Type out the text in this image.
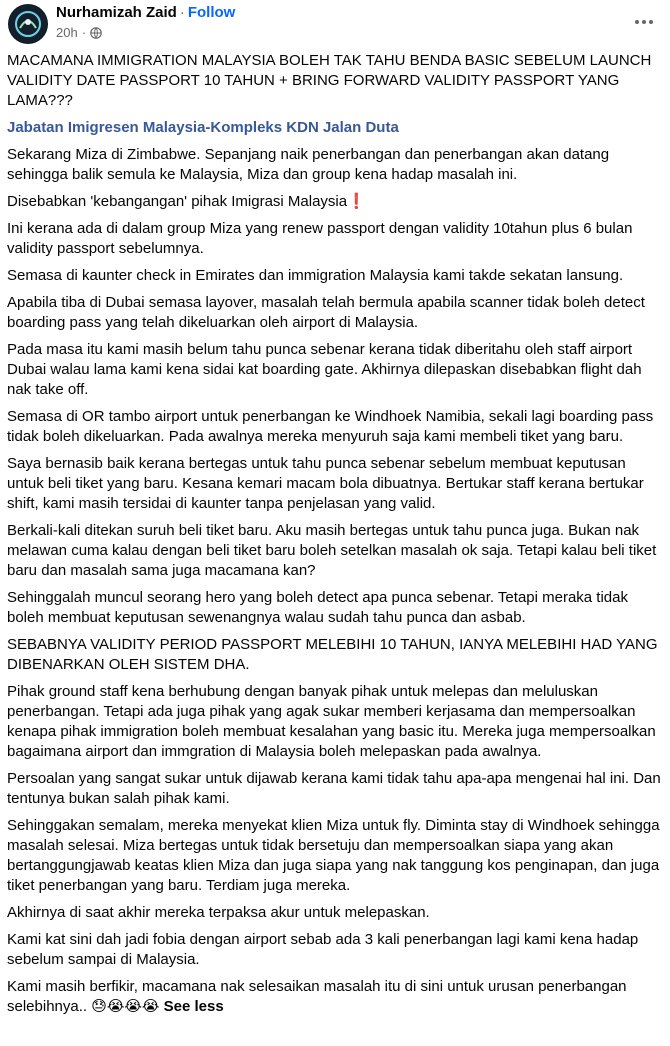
Nurhamizah Zaid · Follow
20h ·

MACAMANA IMMIGRATION MALAYSIA BOLEH TAK TAHU BENDA BASIC SEBELUM LAUNCH VALIDITY DATE PASSPORT 10 TAHUN + BRING FORWARD VALIDITY PASSPORT YANG LAMA???

Jabatan Imigresen Malaysia-Kompleks KDN Jalan Duta

Sekarang Miza di Zimbabwe. Sepanjang naik penerbangan dan penerbangan akan datang sehingga balik semula ke Malaysia, Miza dan group kena hadap masalah ini.

Disebabkan 'kebangangan' pihak Imigrasi Malaysia❗

Ini kerana ada di dalam group Miza yang renew passport dengan validity 10tahun plus 6 bulan validity passport sebelumnya.

Semasa di kaunter check in Emirates dan immigration Malaysia kami takde sekatan lansung.

Apabila tiba di Dubai semasa layover, masalah telah bermula apabila scanner tidak boleh detect boarding pass yang telah dikeluarkan oleh airport di Malaysia.

Pada masa itu kami masih belum tahu punca sebenar kerana tidak diberitahu oleh staff airport Dubai walau lama kami kena sidai kat boarding gate. Akhirnya dilepaskan disebabkan flight dah nak take off.

Semasa di OR tambo airport untuk penerbangan ke Windhoek Namibia, sekali lagi boarding pass tidak boleh dikeluarkan. Pada awalnya mereka menyuruh saja kami membeli tiket yang baru.

Saya bernasib baik kerana bertegas untuk tahu punca sebenar sebelum membuat keputusan untuk beli tiket yang baru. Kesana kemari macam bola dibuatnya. Bertukar staff kerana bertukar shift, kami masih tersidai di kaunter tanpa penjelasan yang valid.

Berkali-kali ditekan suruh beli tiket baru. Aku masih bertegas untuk tahu punca juga. Bukan nak melawan cuma kalau dengan beli tiket baru boleh setelkan masalah ok saja. Tetapi kalau beli tiket baru dan masalah sama juga macamana kan?

Sehinggalah muncul seorang hero yang boleh detect apa punca sebenar. Tetapi meraka tidak boleh membuat keputusan sewenangnya walau sudah tahu punca dan asbab.

SEBABNYA VALIDITY PERIOD PASSPORT MELEBIHI 10 TAHUN, IANYA MELEBIHI HAD YANG DIBENARKAN OLEH SISTEM DHA.

Pihak ground staff kena berhubung dengan banyak pihak untuk melepas dan meluluskan penerbangan. Tetapi ada juga pihak yang agak sukar memberi kerjasama dan mempersoalkan kenapa pihak immigration boleh membuat kesalahan yang basic itu. Mereka juga mempersoalkan bagaimana airport dan immgration di Malaysia boleh melepaskan pada awalnya.

Persoalan yang sangat sukar untuk dijawab kerana kami tidak tahu apa-apa mengenai hal ini. Dan tentunya bukan salah pihak kami.

Sehinggakan semalam, mereka menyekat klien Miza untuk fly. Diminta stay di Windhoek sehingga masalah selesai. Miza bertegas untuk tidak bersetuju dan mempersoalkan siapa yang akan bertanggungjawab keatas klien Miza dan juga siapa yang nak tanggung kos penginapan, dan juga tiket penerbangan yang baru. Terdiam juga mereka.

Akhirnya di saat akhir mereka terpaksa akur untuk melepaskan.

Kami kat sini dah jadi fobia dengan airport sebab ada 3 kali penerbangan lagi kami kena hadap sebelum sampai di Malaysia.

Kami masih berfikir, macamana nak selesaikan masalah itu di sini untuk urusan penerbangan selebihnya.. 😓😭😭😭 See less
